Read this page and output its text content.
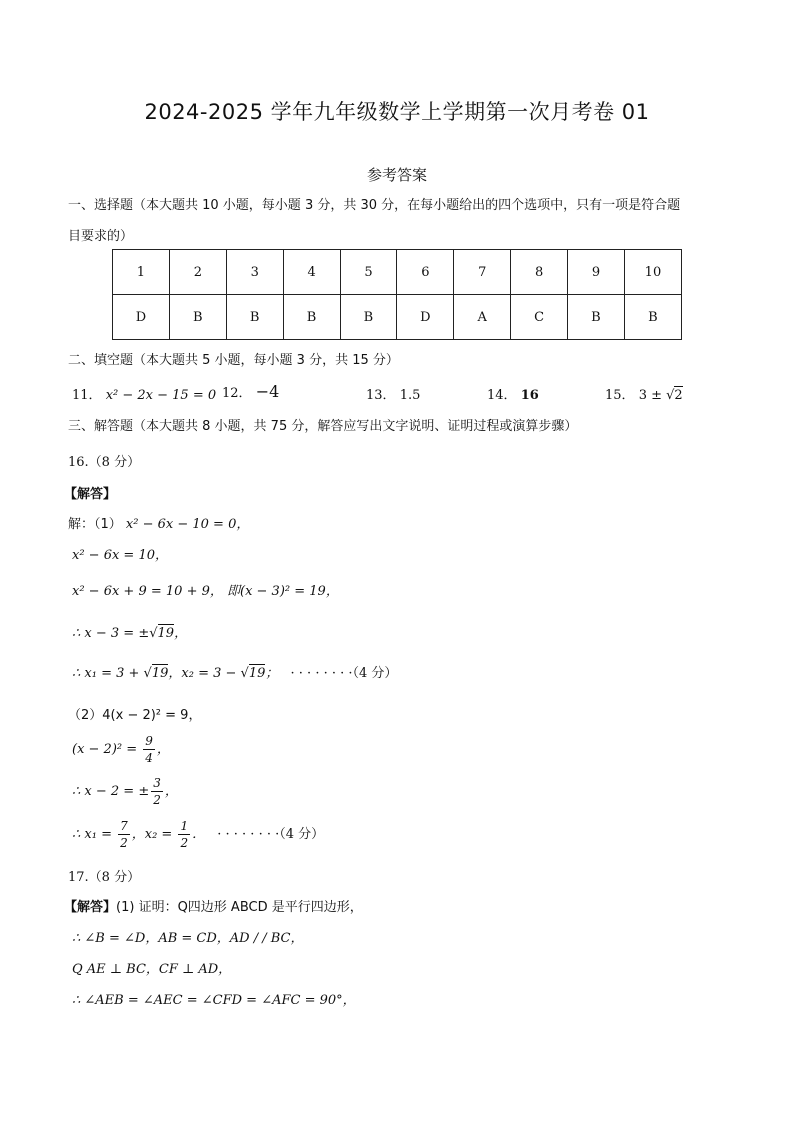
2024-2025 学年九年级数学上学期第一次月考卷 01
参考答案
一、选择题（本大题共 10 小题，每小题 3 分，共 30 分，在每小题给出的四个选项中，只有一项是符合题
目要求的）
1	2	3	4	5	6	7	8	9	10
D	B	B	B	B	D	A	C	B	B
二、填空题（本大题共 5 小题，每小题 3 分，共 15 分）
11． x² − 2x − 15 = 0 12． −4	13． 1.5	14． 16	15． 3 ± √2
三、解答题（本大题共 8 小题，共 75 分，解答应写出文字说明、证明过程或演算步骤）
16.（8 分）
【解答】
解：（1） x² − 6x − 10 = 0，
x² − 6x = 10，
x² − 6x + 9 = 10 + 9， 即(x − 3)² = 19，
∴ x − 3 = ±√19，
∴ x₁ = 3 + √19，x₂ = 3 − √19； · · · · · · · ·（4 分）
（2）4(x − 2)² = 9，
$(x - 2)^2 = \frac{9}{4}$ ，
∴ x − 2 = ± $\frac{3}{2}$ ，
∴ $x_1 = \frac{7}{2}$ ，$x_2 = \frac{1}{2}$ ． · · · · · · · ·（4 分）
17.（8 分）
【解答】(1) 证明：Q四边形 ABCD 是平行四边形，
∴ ∠B = ∠D，AB = CD，AD / / BC，
Q AE ⊥ BC，CF ⊥ AD，
∴ ∠AEB = ∠AEC = ∠CFD = ∠AFC = 90°，
